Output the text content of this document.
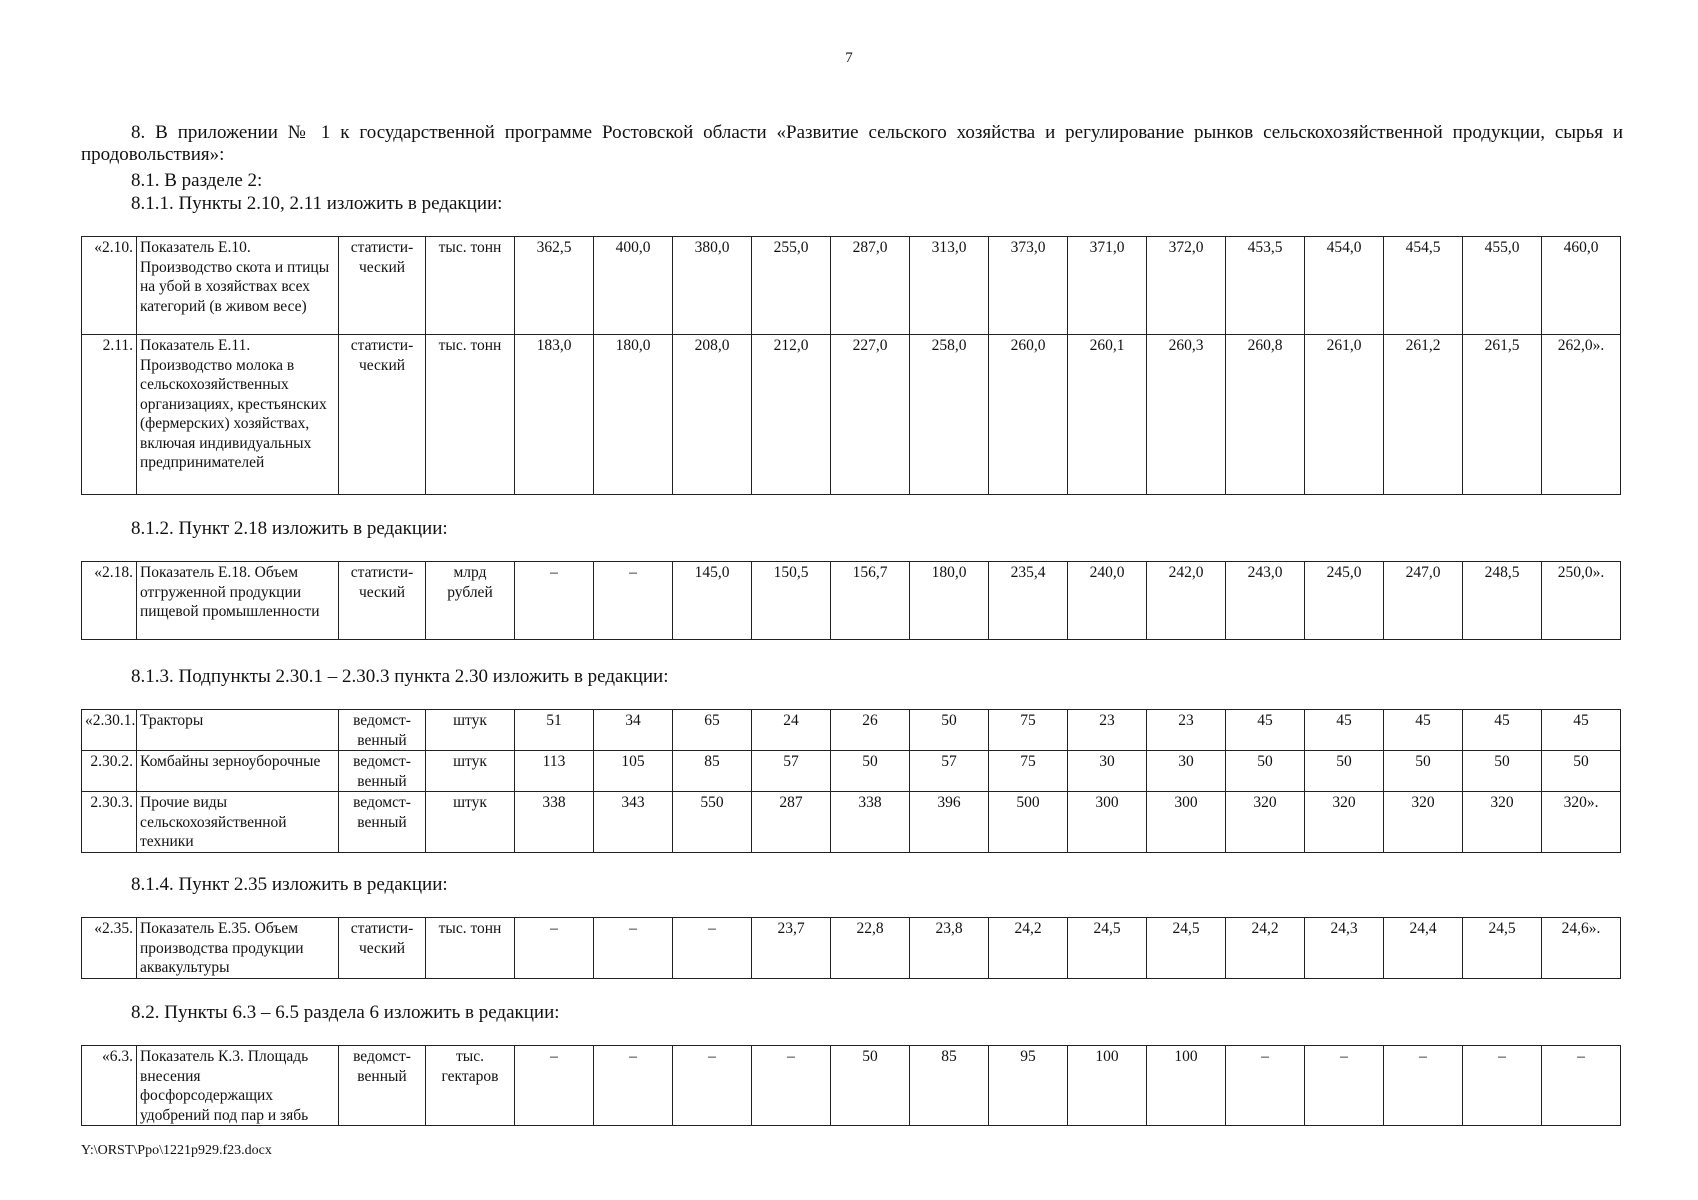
7

8. В приложении № 1 к государственной программе Ростовской области «Развитие сельского хозяйства и регулирование рынков сельскохозяйственной продукции, сырья и продовольствия»:

8.1. В разделе 2:

8.1.1. Пункты 2.10, 2.11 изложить в редакции:

«2.10.	Показатель Е.10. Производство скота и птицы на убой в хозяйствах всех категорий (в живом весе)	статисти-ческий	тыс. тонн	362,5	400,0	380,0	255,0	287,0	313,0	373,0	371,0	372,0	453,5	454,0	454,5	455,0	460,0
2.11.	Показатель Е.11. Производство молока в сельскохозяйственных организациях, крестьянских (фермерских) хозяйствах, включая индивидуальных предпринимателей	статисти-ческий	тыс. тонн	183,0	180,0	208,0	212,0	227,0	258,0	260,0	260,1	260,3	260,8	261,0	261,2	261,5	262,0».

8.1.2. Пункт 2.18 изложить в редакции:

«2.18.	Показатель Е.18. Объем отгруженной продукции пищевой промышленности	статисти-ческий	млрд рублей	–	–	145,0	150,5	156,7	180,0	235,4	240,0	242,0	243,0	245,0	247,0	248,5	250,0».

8.1.3. Подпункты 2.30.1 – 2.30.3 пункта 2.30 изложить в редакции:

«2.30.1.	Тракторы	ведомст-венный	штук	51	34	65	24	26	50	75	23	23	45	45	45	45	45
2.30.2.	Комбайны зерноуборочные	ведомст-венный	штук	113	105	85	57	50	57	75	30	30	50	50	50	50	50
2.30.3.	Прочие виды сельскохозяйственной техники	ведомст-венный	штук	338	343	550	287	338	396	500	300	300	320	320	320	320	320».

8.1.4. Пункт 2.35 изложить в редакции:

«2.35.	Показатель Е.35. Объем производства продукции аквакультуры	статисти-ческий	тыс. тонн	–	–	–	23,7	22,8	23,8	24,2	24,5	24,5	24,2	24,3	24,4	24,5	24,6».

8.2. Пункты 6.3 – 6.5 раздела 6 изложить в редакции:

«6.3.	Показатель К.3. Площадь внесения фосфорсодержащих удобрений под пар и зябь	ведомст-венный	тыс. гектаров	–	–	–	–	50	85	95	100	100	–	–	–	–	–
Y:\ORST\Ppo\1221p929.f23.docx
